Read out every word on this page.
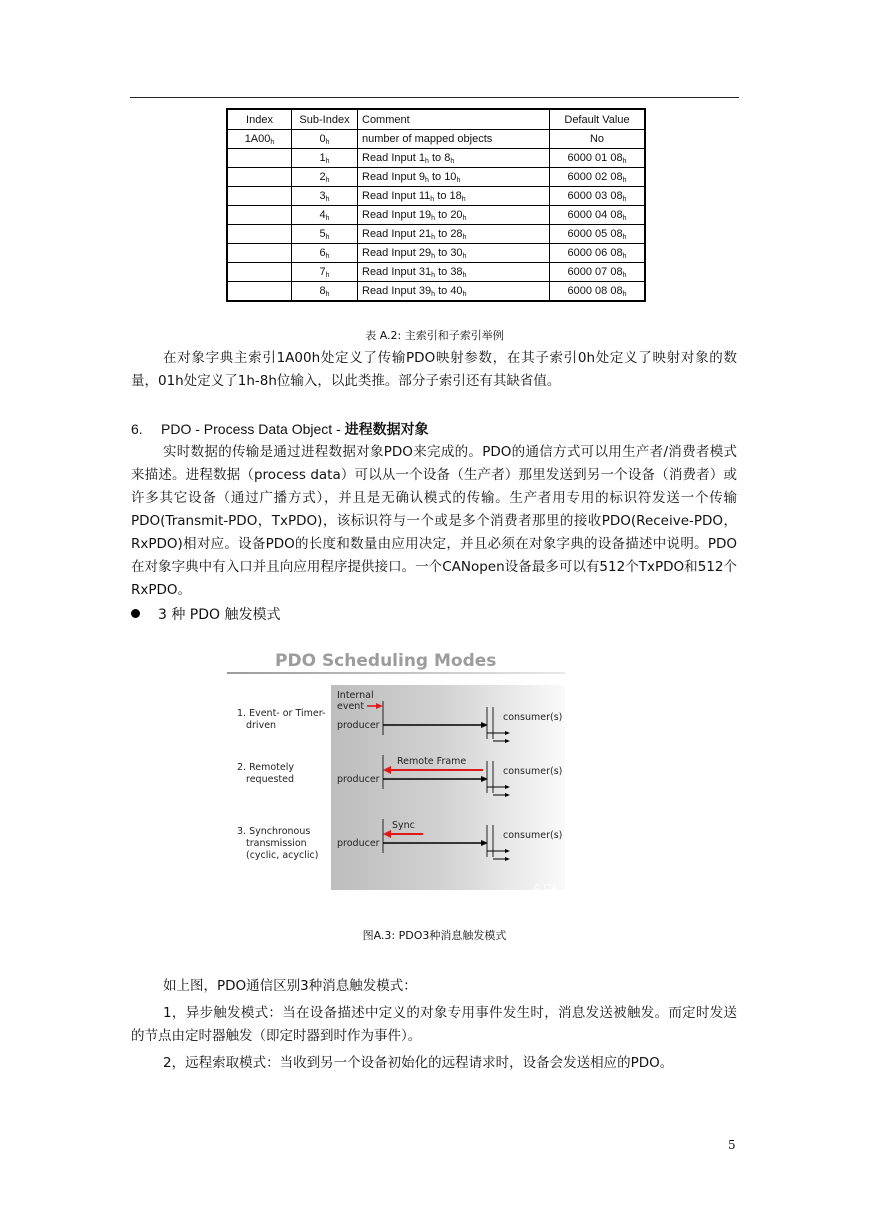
Index	Sub-Index	Comment	Default Value
1A00h	0h	number of mapped objects	No
	1h	Read Input 1h to 8h	6000 01 08h
	2h	Read Input 9h to 10h	6000 02 08h
	3h	Read Input 11h to 18h	6000 03 08h
	4h	Read Input 19h to 20h	6000 04 08h
	5h	Read Input 21h to 28h	6000 05 08h
	6h	Read Input 29h to 30h	6000 06 08h
	7h	Read Input 31h to 38h	6000 07 08h
	8h	Read Input 39h to 40h	6000 08 08h
表 A.2: 主索引和子索引举例

在对象字典主索引1A00h处定义了传输PDO映射参数，在其子索引0h处定义了映射对象的数量，01h处定义了1h-8h位输入，以此类推。部分子索引还有其缺省值。

6. PDO - Process Data Object - 进程数据对象

实时数据的传输是通过进程数据对象PDO来完成的。PDO的通信方式可以用生产者/消费者模式来描述。进程数据（process data）可以从一个设备（生产者）那里发送到另一个设备（消费者）或许多其它设备（通过广播方式），并且是无确认模式的传输。生产者用专用的标识符发送一个传输PDO(Transmit-PDO，TxPDO)，该标识符与一个或是多个消费者那里的接收PDO(Receive-PDO，RxPDO)相对应。设备PDO的长度和数量由应用决定，并且必须在对象字典的设备描述中说明。PDO在对象字典中有入口并且向应用程序提供接口。一个CANopen设备最多可以有512个TxPDO和512个RxPDO。

3 种 PDO 触发模式
PDO Scheduling Modes
1. Event- or Timer-
driven	producer
consumer(s)
Internal
event
2. Remotely
requested	producer
consumer(s)
Remote Frame
3. Synchronous
transmission
(cyclic, acyclic)
producer
consumer(s)
Sync
© CiA
图A.3: PDO3种消息触发模式

如上图，PDO通信区别3种消息触发模式：

1，异步触发模式：当在设备描述中定义的对象专用事件发生时，消息发送被触发。而定时发送的节点由定时器触发（即定时器到时作为事件）。

2，远程索取模式：当收到另一个设备初始化的远程请求时，设备会发送相应的PDO。

5
